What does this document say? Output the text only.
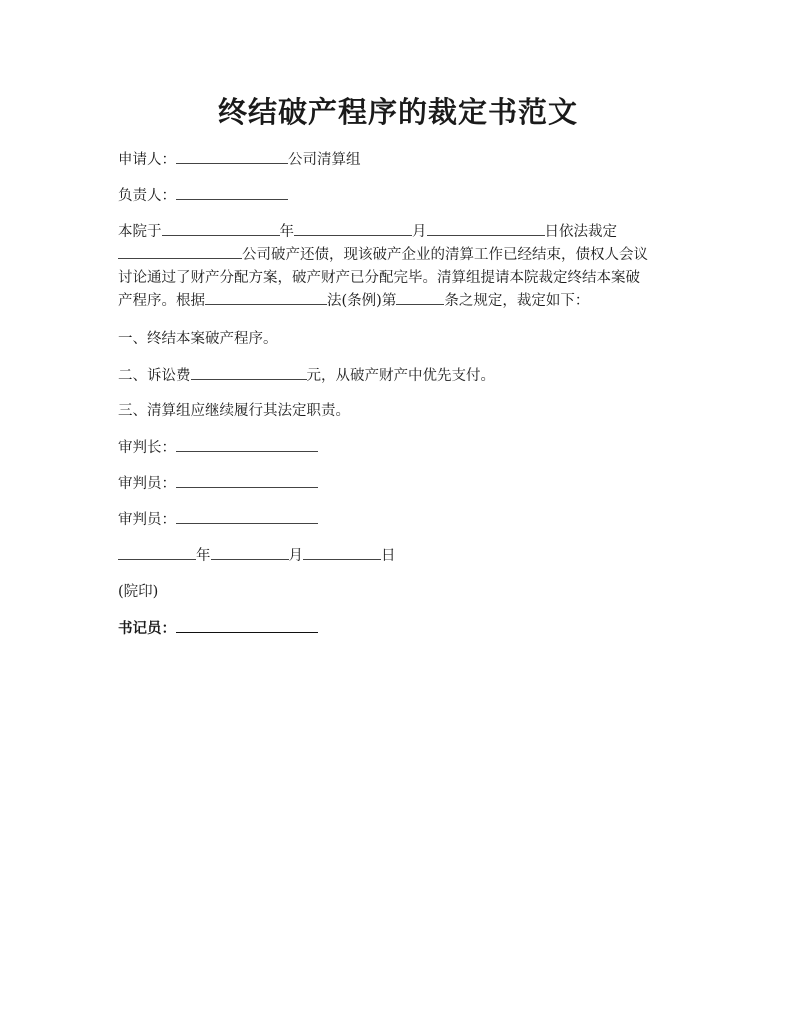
终结破产程序的裁定书范文
申请人：	公司清算组
负责人：
本院于	年	月	日依法裁定
公司破产还债，现该破产企业的清算工作已经结束，债权人会议
讨论通过了财产分配方案，破产财产已分配完毕。清算组提请本院裁定终结本案破
产程序。根据	法(条例)第	条之规定，裁定如下：
一、终结本案破产程序。
二、诉讼费	元，从破产财产中优先支付。
三、清算组应继续履行其法定职责。
审判长：
审判员：
审判员：
年	月	日
(院印)
书记员：
